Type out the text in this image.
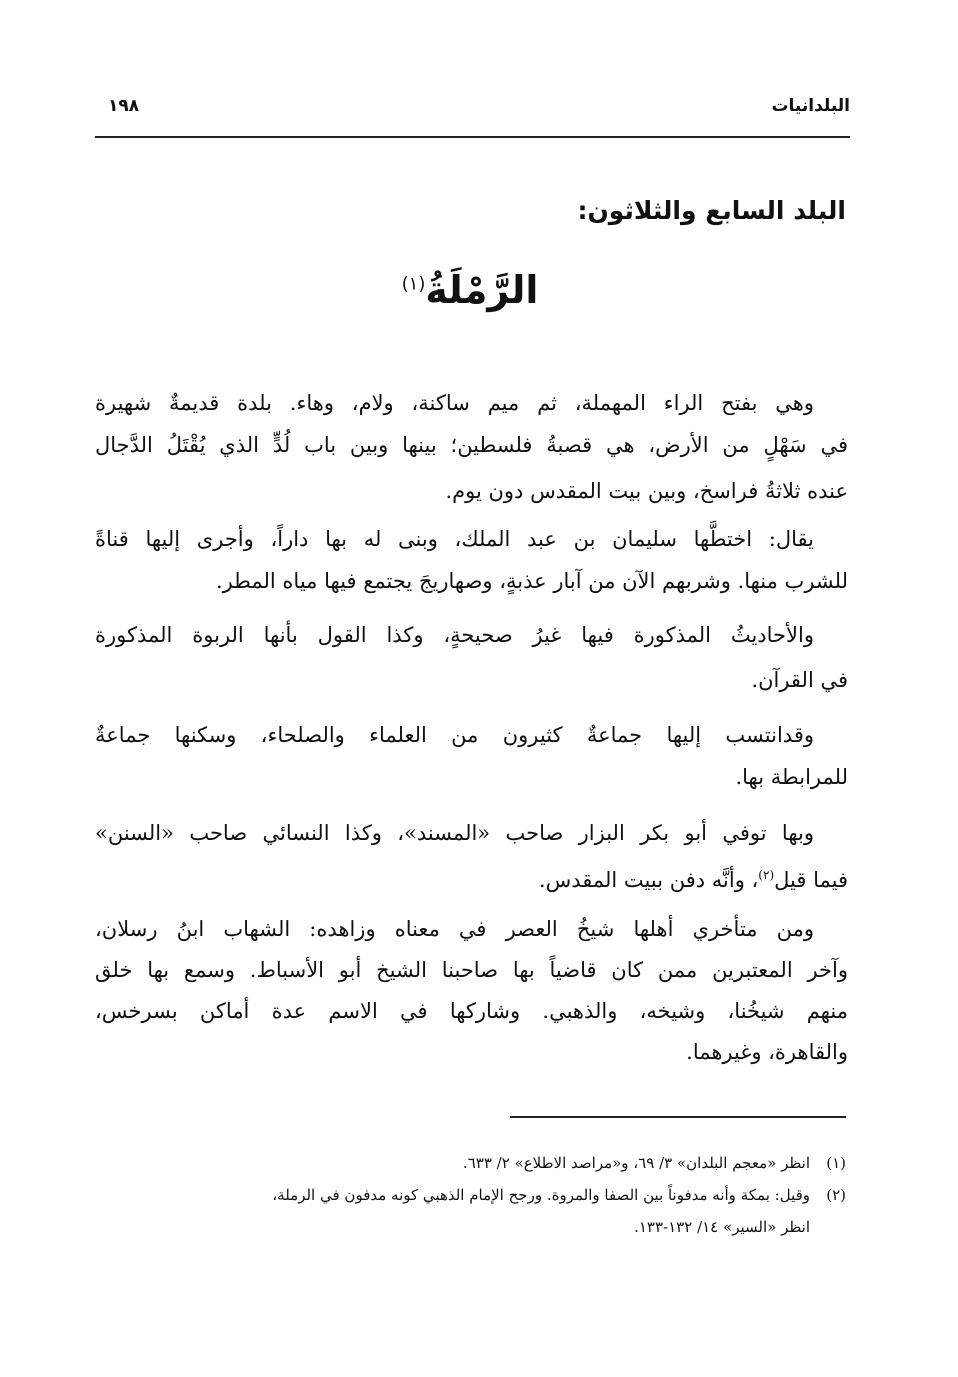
١٩٨	البلدانيات
البلد السابع والثلاثون:
الرَّمْلَةُ$^{(١)}$
وهي بفتح الراء المهملة، ثم ميم ساكنة، ولام، وهاء. بلدة قديمةٌ شهيرة
في سَهْلٍ من الأرض، هي قصبةُ فلسطين؛ بينها وبين باب لُدٍّ الذي يُقْتَلُ الدَّجال
عنده ثلاثةُ فراسخ، وبين بيت المقدس دون يوم.
يقال: اختطَّها سليمان بن عبد الملك، وبنى له بها داراً، وأجرى إليها قناةً
للشرب منها. وشربهم الآن من آبار عذبةٍ، وصهاريجَ يجتمع فيها مياه المطر.
والأحاديثُ المذكورة فيها غيرُ صحيحةٍ، وكذا القول بأنها الربوة المذكورة
في القرآن.
وقدانتسب إليها جماعةٌ كثيرون من العلماء والصلحاء، وسكنها جماعةٌ
للمرابطة بها.
وبها توفي أبو بكر البزار صاحب «المسند»، وكذا النسائي صاحب «السنن»
فيما قيل$^{(٢)}$، وأنَّه دفن ببيت المقدس.
ومن متأخري أهلها شيخُ العصر في معناه وزاهده: الشهاب ابنُ رسلان،
وآخر المعتبرين ممن كان قاضياً بها صاحبنا الشيخ أبو الأسباط. وسمع بها خلق
منهم شيخُنا، وشيخه، والذهبي. وشاركها في الاسم عدة أماكن بسرخس،
والقاهرة، وغيرهما.
(١)انظر «معجم البلدان» ٣/ ٦٩، و«مراصد الاطلاع» ٢/ ٦٣٣.
(٢)وقيل: بمكة وأنه مدفوناً بين الصفا والمروة. ورجح الإمام الذهبي كونه مدفون في الرملة،
انظر «السير» ١٤/ ١٣٢-١٣٣.
